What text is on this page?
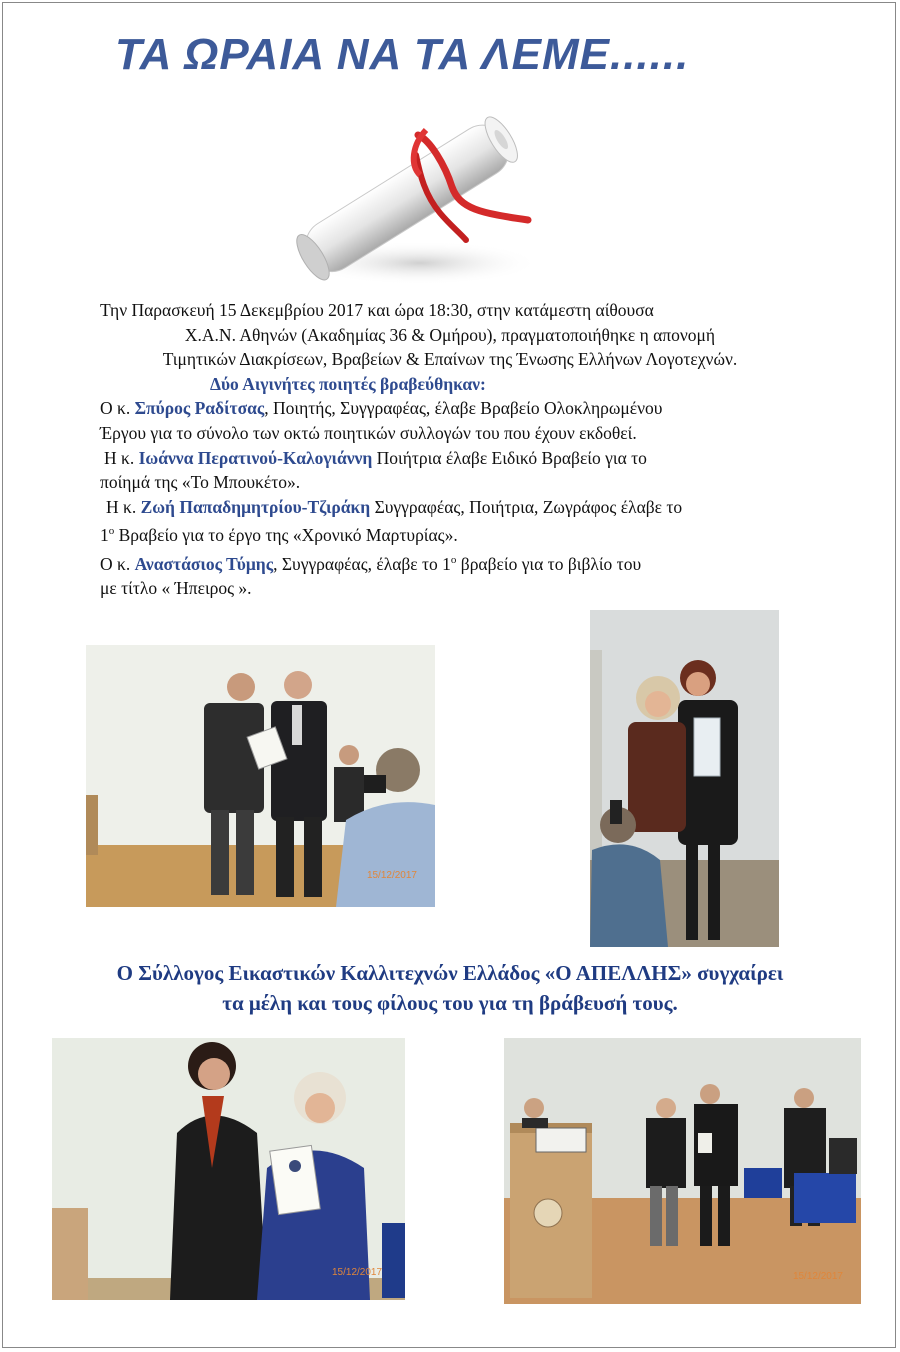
ΤΑ ΩΡΑΙΑ ΝΑ ΤΑ ΛΕΜΕ......

Την Παρασκευή 15 Δεκεμβρίου 2017 και ώρα 18:30, στην κατάμεστη αίθουσα

Χ.Α.Ν. Αθηνών (Ακαδημίας 36 & Ομήρου), πραγματοποιήθηκε η απονομή

Τιμητικών Διακρίσεων, Βραβείων & Επαίνων της Ένωσης Ελλήνων Λογοτεχνών.

Δύο Αιγινήτες ποιητές βραβεύθηκαν:

Ο κ. Σπύρος Ραδίτσας, Ποιητής, Συγγραφέας, έλαβε Βραβείο Ολοκληρωμένου

Έργου για το σύνολο των οκτώ ποιητικών συλλογών του που έχουν εκδοθεί.

Η κ. Ιωάννα Περατινού-Καλογιάννη Ποιήτρια έλαβε Ειδικό Βραβείο για το

ποίημά της «Το Μπουκέτο».

Η κ. Ζωή Παπαδημητρίου-Τζιράκη Συγγραφέας, Ποιήτρια, Ζωγράφος έλαβε το

$1^o$ Βραβείο για το έργο της «Χρονικό Μαρτυρίας».

Ο κ. Αναστάσιος Τύμης, Συγγραφέας, έλαβε το $1^o$ βραβείο για το βιβλίο του

με τίτλο « Ήπειρος ».

15/12/2017

Ο Σύλλογος Εικαστικών Καλλιτεχνών Ελλάδος «Ο ΑΠΕΛΛΗΣ» συγχαίρει

τα μέλη και τους φίλους του για τη βράβευσή τους.

15/12/2017	15/12/2017
